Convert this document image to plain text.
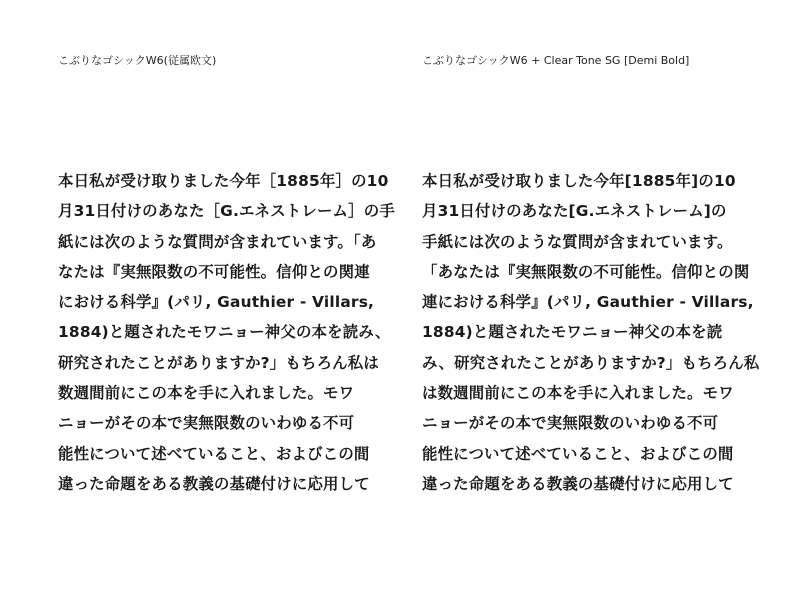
こぶりなゴシックW6(従属欧文)
本日私が受け取りました今年［1885年］の10
月31日付けのあなた［G.エネストレーム］の手
紙には次のような質問が含まれています。「あ
なたは『実無限数の不可能性。信仰との関連
における科学』(パリ, Gauthier - Villars,
1884)と題されたモワニョー神父の本を読み、
研究されたことがありますか?」もちろん私は
数週間前にこの本を手に入れました。モワ
ニョーがその本で実無限数のいわゆる不可
能性について述べていること、およびこの間
違った命題をある教義の基礎付けに応用して
こぶりなゴシックW6 + Clear Tone SG [Demi Bold]
本日私が受け取りました今年[1885年]の10
月31日付けのあなた[G.エネストレーム]の
手紙には次のような質問が含まれています。
「あなたは『実無限数の不可能性。信仰との関
連における科学』(パリ, Gauthier - Villars,
1884)と題されたモワニョー神父の本を読
み、研究されたことがありますか?」もちろん私
は数週間前にこの本を手に入れました。モワ
ニョーがその本で実無限数のいわゆる不可
能性について述べていること、およびこの間
違った命題をある教義の基礎付けに応用して
